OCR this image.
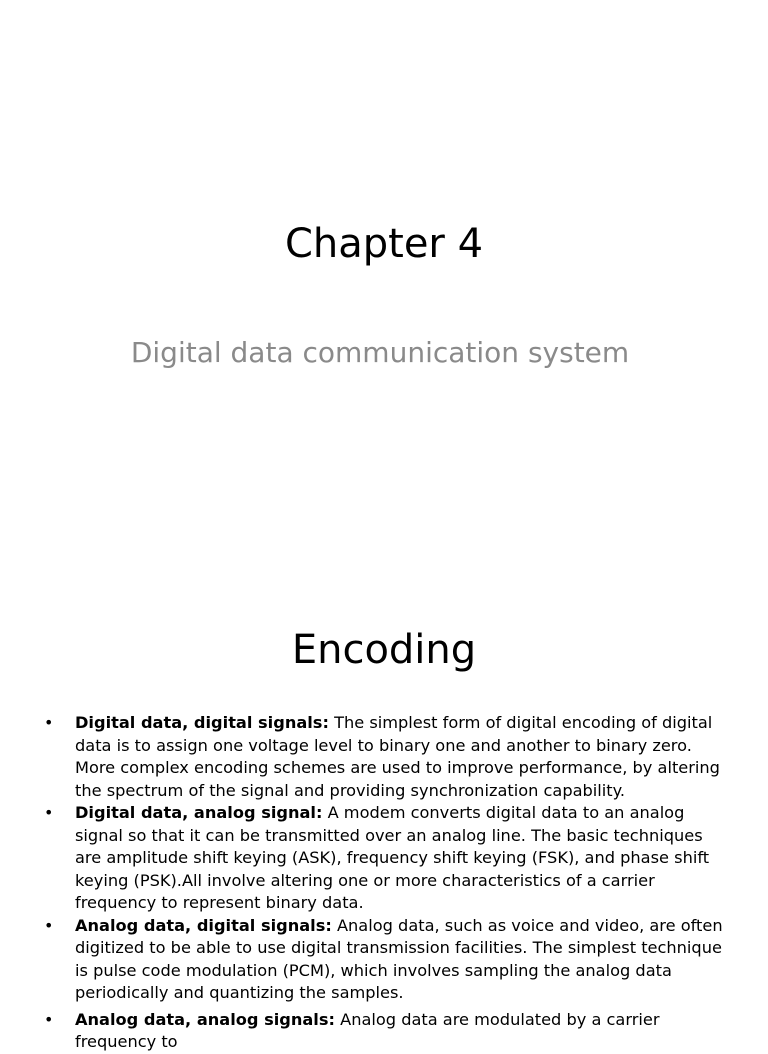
Chapter 4
Digital data communication system
Encoding
• Digital data, digital signals: The simplest form of digital encoding of digital data is to assign one voltage level to binary one and another to binary zero. More complex encoding schemes are used to improve performance, by altering the spectrum of the signal and providing synchronization capability.
• Digital data, analog signal: A modem converts digital data to an analog signal so that it can be transmitted over an analog line. The basic techniques are amplitude shift keying (ASK), frequency shift keying (FSK), and phase shift keying (PSK).All involve altering one or more characteristics of a carrier frequency to represent binary data.
• Analog data, digital signals: Analog data, such as voice and video, are often digitized to be able to use digital transmission facilities. The simplest technique is pulse code modulation (PCM), which involves sampling the analog data periodically and quantizing the samples.
• Analog data, analog signals: Analog data are modulated by a carrier frequency to
